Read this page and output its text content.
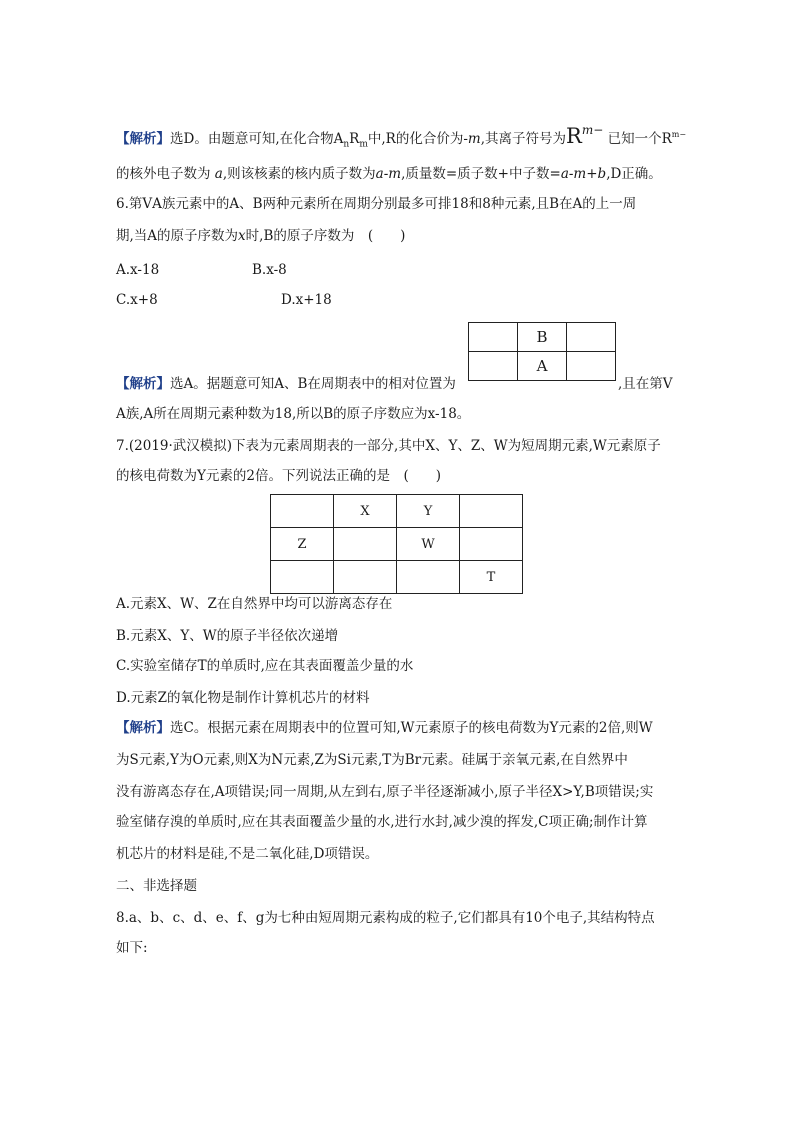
【解析】选D。由题意可知,在化合物$A_nR_m$中,R的化合价为-m,其离子符号为Rm− 已知一个$R^{m-}$
的核外电子数为 a,则该核素的核内质子数为a-m,质量数=质子数+中子数=a-m+b,D正确。
6.第ⅤA族元素中的A、B两种元素所在周期分别最多可排18和8种元素,且B在A的上一周
期,当A的原子序数为x时,B的原子序数为　(　　)
A.x-18	B.x-8
C.x+8	D.x+18
	B	
	A	
【解析】选A。据题意可知A、B在周期表中的相对位置为	,且在第Ⅴ
A族,A所在周期元素种数为18,所以B的原子序数应为x-18。
7.(2019·武汉模拟)下表为元素周期表的一部分,其中X、Y、Z、W为短周期元素,W元素原子
的核电荷数为Y元素的2倍。下列说法正确的是　(　　)
	X	Y	
Z		W	
			T
A.元素X、W、Z在自然界中均可以游离态存在
B.元素X、Y、W的原子半径依次递增
C.实验室储存T的单质时,应在其表面覆盖少量的水
D.元素Z的氧化物是制作计算机芯片的材料
【解析】选C。根据元素在周期表中的位置可知,W元素原子的核电荷数为Y元素的2倍,则W
为S元素,Y为O元素,则X为N元素,Z为Si元素,T为Br元素。硅属于亲氧元素,在自然界中
没有游离态存在,A项错误;同一周期,从左到右,原子半径逐渐减小,原子半径X>Y,B项错误;实
验室储存溴的单质时,应在其表面覆盖少量的水,进行水封,减少溴的挥发,C项正确;制作计算
机芯片的材料是硅,不是二氧化硅,D项错误。
二、非选择题
8.a、b、c、d、e、f、g为七种由短周期元素构成的粒子,它们都具有10个电子,其结构特点
如下:
